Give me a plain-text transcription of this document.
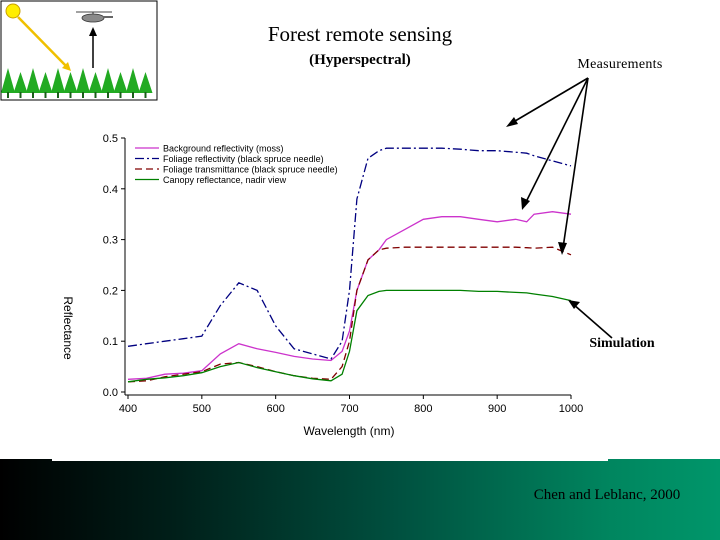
Forest remote sensing
(Hyperspectral)	Measurements
Simulation
Chen and Leblanc, 2000
400	500	600	700	800	900	1000
0.0
0.1
0.2
0.3
0.4
0.5
Background reflectivity (moss)
Foliage reflectivity (black spruce needle)
Foliage transmittance (black spruce needle)
Canopy reflectance, nadir view
Wavelength (nm)
Reflectance
